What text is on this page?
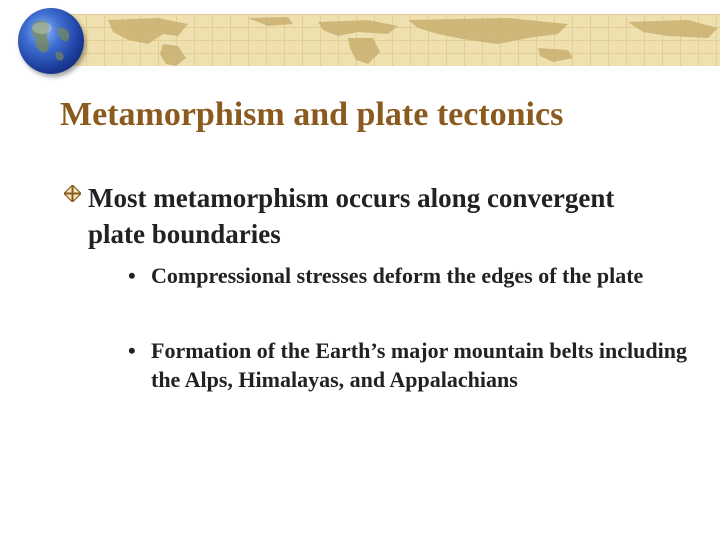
Metamorphism and plate tectonics
Most metamorphism occurs along convergent plate boundaries
• Compressional stresses deform the edges of the plate
• Formation of the Earth’s major mountain belts including the Alps, Himalayas, and Appalachians
